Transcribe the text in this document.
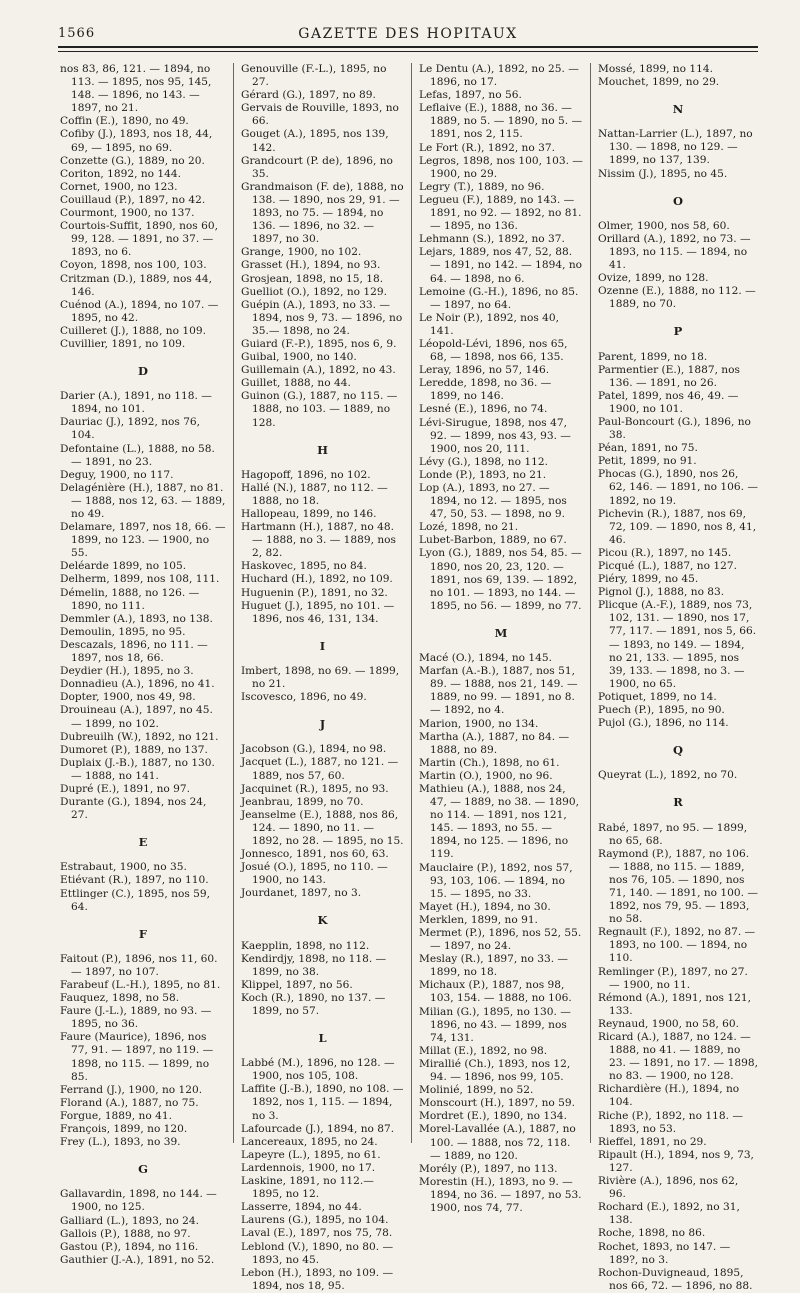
1566	GAZETTE DES HOPITAUX
nos 83, 86, 121. — 1894, no 113. — 1895, nos 95, 145, 148. — 1896, no 143. — 1897, no 21.
Coffin (E.), 1890, no 49.
Cofiby (J.), 1893, nos 18, 44, 69, — 1895, no 69.
Conzette (G.), 1889, no 20.
Coriton, 1892, no 144.
Cornet, 1900, no 123.
Couillaud (P.), 1897, no 42.
Courmont, 1900, no 137.
Courtois-Suffit, 1890, nos 60, 99, 128. — 1891, no 37. — 1893, no 6.
Coyon, 1898, nos 100, 103.
Critzman (D.), 1889, nos 44, 146.
Cuénod (A.), 1894, no 107. — 1895, no 42.
Cuilleret (J.), 1888, no 109.
Cuvillier, 1891, no 109.
D
Darier (A.), 1891, no 118. — 1894, no 101.
Dauriac (J.), 1892, nos 76, 104.
Defontaine (L.), 1888, no 58. — 1891, no 23.
Deguy, 1900, no 117.
Delagénière (H.), 1887, no 81. — 1888, nos 12, 63. — 1889, no 49.
Delamare, 1897, nos 18, 66. — 1899, no 123. — 1900, no 55.
Deléarde 1899, no 105.
Delherm, 1899, nos 108, 111.
Démelin, 1888, no 126. —1890, no 111.
Demmler (A.), 1893, no 138.
Demoulin, 1895, no 95.
Descazals, 1896, no 111. —1897, nos 18, 66.
Deydier (H.), 1895, no 3.
Donnadieu (A.), 1896, no 41.
Dopter, 1900, nos 49, 98.
Drouineau (A.), 1897, no 45. — 1899, no 102.
Dubreuilh (W.), 1892, no 121.
Dumoret (P.), 1889, no 137.
Duplaix (J.-B.), 1887, no 130. — 1888, no 141.
Dupré (E.), 1891, no 97.
Durante (G.), 1894, nos 24, 27.
E
Estrabaut, 1900, no 35.
Etiévant (R.), 1897, no 110.
Ettlinger (C.), 1895, nos 59, 64.
F
Faitout (P.), 1896, nos 11, 60. — 1897, no 107.
Farabeuf (L.-H.), 1895, no 81.
Fauquez, 1898, no 58.
Faure (J.-L.), 1889, no 93. — 1895, no 36.
Faure (Maurice), 1896, nos 77, 91. — 1897, no 119. — 1898, no 115. — 1899, no 85.
Ferrand (J.), 1900, no 120.
Florand (A.), 1887, no 75.
Forgue, 1889, no 41.
François, 1899, no 120.
Frey (L.), 1893, no 39.
G
Gallavardin, 1898, no 144. — 1900, no 125.
Galliard (L.), 1893, no 24.
Gallois (P.), 1888, no 97.
Gastou (P.), 1894, no 116.
Gauthier (J.-A.), 1891, no 52.
Genouville (F.-L.), 1895, no 27.
Gérard (G.), 1897, no 89.
Gervais de Rouville, 1893, no 66.
Gouget (A.), 1895, nos 139, 142.
Grandcourt (P. de), 1896, no 35.
Grandmaison (F. de), 1888, no 138. — 1890, nos 29, 91. — 1893, no 75. — 1894, no 136. — 1896, no 32. — 1897, no 30.
Grange, 1900, no 102.
Grasset (H.), 1894, no 93.
Grosjean, 1898, no 15, 18.
Guelliot (O.), 1892, no 129.
Guépin (A.), 1893, no 33. — 1894, nos 9, 73. — 1896, no 35.— 1898, no 24.
Guiard (F.-P.), 1895, nos 6, 9.
Guibal, 1900, no 140.
Guillemain (A.), 1892, no 43.
Guillet, 1888, no 44.
Guinon (G.), 1887, no 115. — 1888, no 103. — 1889, no 128.
H
Hagopoff, 1896, no 102.
Hallé (N.), 1887, no 112. — 1888, no 18.
Hallopeau, 1899, no 146.
Hartmann (H.), 1887, no 48. — 1888, no 3. — 1889, nos 2, 82.
Haskovec, 1895, no 84.
Huchard (H.), 1892, no 109.
Huguenin (P.), 1891, no 32.
Huguet (J.), 1895, no 101. — 1896, nos 46, 131, 134.
I
Imbert, 1898, no 69. — 1899, no 21.
Iscovesco, 1896, no 49.
J
Jacobson (G.), 1894, no 98.
Jacquet (L.), 1887, no 121. — 1889, nos 57, 60.
Jacquinet (R.), 1895, no 93.
Jeanbrau, 1899, no 70.
Jeanselme (E.), 1888, nos 86, 124. — 1890, no 11. — 1892, no 28. — 1895, no 15.
Jonnesco, 1891, nos 60, 63.
Josué (O.), 1895, no 110. — 1900, no 143.
Jourdanet, 1897, no 3.
K
Kaepplin, 1898, no 112.
Kendirdjy, 1898, no 118. — 1899, no 38.
Klippel, 1897, no 56.
Koch (R.), 1890, no 137. — 1899, no 57.
L
Labbé (M.), 1896, no 128. — 1900, nos 105, 108.
Laffite (J.-B.), 1890, no 108. — 1892, nos 1, 115. — 1894, no 3.
Lafourcade (J.), 1894, no 87.
Lancereaux, 1895, no 24.
Lapeyre (L.), 1895, no 61.
Lardennois, 1900, no 17.
Laskine, 1891, no 112.— 1895, no 12.
Lasserre, 1894, no 44.
Laurens (G.), 1895, no 104.
Laval (E.), 1897, nos 75, 78.
Leblond (V.), 1890, no 80. — 1893, no 45.
Lebon (H.), 1893, no 109. — 1894, nos 18, 95.
Le Dentu (A.), 1892, no 25. — 1896, no 17.
Lefas, 1897, no 56.
Leflaive (E.), 1888, no 36. — 1889, no 5. — 1890, no 5. — 1891, nos 2, 115.
Le Fort (R.), 1892, no 37.
Legros, 1898, nos 100, 103. — 1900, no 29.
Legry (T.), 1889, no 96.
Legueu (F.), 1889, no 143. — 1891, no 92. — 1892, no 81. — 1895, no 136.
Lehmann (S.), 1892, no 37.
Lejars, 1889, nos 47, 52, 88. — 1891, no 142. — 1894, no 64. — 1898, no 6.
Lemoine (G.-H.), 1896, no 85. — 1897, no 64.
Le Noir (P.), 1892, nos 40, 141.
Léopold-Lévi, 1896, nos 65, 68, — 1898, nos 66, 135.
Leray, 1896, no 57, 146.
Leredde, 1898, no 36. — 1899, no 146.
Lesné (E.), 1896, no 74.
Lévi-Sirugue, 1898, nos 47, 92. — 1899, nos 43, 93. — 1900, nos 20, 111.
Lévy (G.), 1898, no 112.
Londe (P.), 1893, no 21.
Lop (A.), 1893, no 27. — 1894, no 12. — 1895, nos 47, 50, 53. — 1898, no 9.
Lozé, 1898, no 21.
Lubet-Barbon, 1889, no 67.
Lyon (G.), 1889, nos 54, 85. — 1890, nos 20, 23, 120. — 1891, nos 69, 139. — 1892, no 101. — 1893, no 144. — 1895, no 56. — 1899, no 77.
M
Macé (O.), 1894, no 145.
Marfan (A.-B.), 1887, nos 51, 89. — 1888, nos 21, 149. — 1889, no 99. — 1891, no 8. — 1892, no 4.
Marion, 1900, no 134.
Martha (A.), 1887, no 84. — 1888, no 89.
Martin (Ch.), 1898, no 61.
Martin (O.), 1900, no 96.
Mathieu (A.), 1888, nos 24, 47, — 1889, no 38. — 1890, no 114. — 1891, nos 121, 145. — 1893, no 55. — 1894, no 125. — 1896, no 119.
Mauclaire (P.), 1892, nos 57, 93, 103, 106. — 1894, no 15. — 1895, no 33.
Mayet (H.), 1894, no 30.
Merklen, 1899, no 91.
Mermet (P.), 1896, nos 52, 55. — 1897, no 24.
Meslay (R.), 1897, no 33. — 1899, no 18.
Michaux (P.), 1887, nos 98, 103, 154. — 1888, no 106.
Milian (G.), 1895, no 130. — 1896, no 43. — 1899, nos 74, 131.
Millat (E.), 1892, no 98.
Mirallié (Ch.), 1893, nos 12, 94. — 1896, nos 99, 105.
Molinié, 1899, no 52.
Monscourt (H.), 1897, no 59.
Mordret (E.), 1890, no 134.
Morel-Lavallée (A.), 1887, no 100. — 1888, nos 72, 118. — 1889, no 120.
Morély (P.), 1897, no 113.
Morestin (H.), 1893, no 9. — 1894, no 36. — 1897, no 53. 1900, nos 74, 77.
Mossé, 1899, no 114.
Mouchet, 1899, no 29.
N
Nattan-Larrier (L.), 1897, no 130. — 1898, no 129. — 1899, no 137, 139.
Nissim (J.), 1895, no 45.
O
Olmer, 1900, nos 58, 60.
Orillard (A.), 1892, no 73. — 1893, no 115. — 1894, no 41.
Ovize, 1899, no 128.
Ozenne (E.), 1888, no 112. — 1889, no 70.
P
Parent, 1899, no 18.
Parmentier (E.), 1887, nos 136. — 1891, no 26.
Patel, 1899, nos 46, 49. — 1900, no 101.
Paul-Boncourt (G.), 1896, no 38.
Péan, 1891, no 75.
Petit, 1899, no 91.
Phocas (G.), 1890, nos 26, 62, 146. — 1891, no 106. — 1892, no 19.
Pichevin (R.), 1887, nos 69, 72, 109. — 1890, nos 8, 41, 46.
Picou (R.), 1897, no 145.
Picqué (L.), 1887, no 127.
Piéry, 1899, no 45.
Pignol (J.), 1888, no 83.
Plicque (A.-F.), 1889, nos 73, 102, 131. — 1890, nos 17, 77, 117. — 1891, nos 5, 66. — 1893, no 149. — 1894, no 21, 133. — 1895, nos 39, 133. — 1898, no 3. — 1900, no 65.
Potiquet, 1899, no 14.
Puech (P.), 1895, no 90.
Pujol (G.), 1896, no 114.
Q
Queyrat (L.), 1892, no 70.
R
Rabé, 1897, no 95. — 1899, no 65, 68.
Raymond (P.), 1887, no 106. — 1888, no 115. — 1889, nos 76, 105. — 1890, nos 71, 140. — 1891, no 100. — 1892, nos 79, 95. — 1893, no 58.
Regnault (F.), 1892, no 87. — 1893, no 100. — 1894, no 110.
Remlinger (P.), 1897, no 27. — 1900, no 11.
Rémond (A.), 1891, nos 121, 133.
Reynaud, 1900, no 58, 60.
Ricard (A.), 1887, no 124. — 1888, no 41. — 1889, no 23. — 1891, no 17. — 1898, no 83. — 1900, no 128.
Richardière (H.), 1894, no 104.
Riche (P.), 1892, no 118. — 1893, no 53.
Rieffel, 1891, no 29.
Ripault (H.), 1894, nos 9, 73, 127.
Rivière (A.), 1896, nos 62, 96.
Rochard (E.), 1892, no 31, 138.
Roche, 1898, no 86.
Rochet, 1893, no 147. — 189?, no 3.
Rochon-Duvigneaud, 1895, nos 66, 72. — 1896, no 88.
